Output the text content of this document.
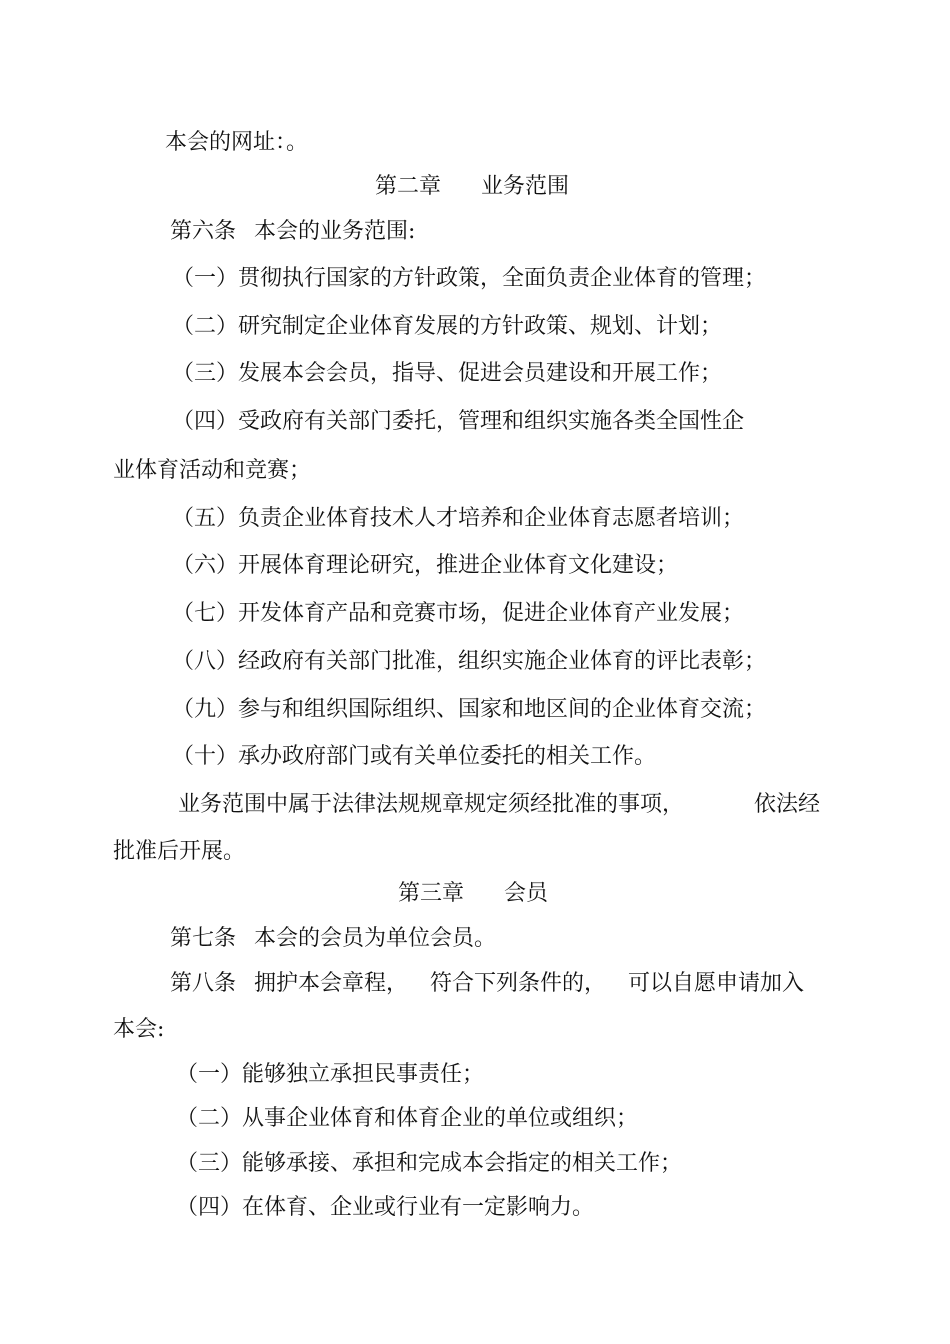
本会的网址：。
第二章 业务范围
第六条 本会的业务范围:
（一）贯彻执行国家的方针政策，全面负责企业体育的管理；
（二）研究制定企业体育发展的方针政策、规划、计划；
（三）发展本会会员，指导、促进会员建设和开展工作；
（四）受政府有关部门委托，管理和组织实施各类全国性企
业体育活动和竞赛；
（五）负责企业体育技术人才培养和企业体育志愿者培训；
（六）开展体育理论研究，推进企业体育文化建设；
（七）开发体育产品和竞赛市场，促进企业体育产业发展；
（八）经政府有关部门批准，组织实施企业体育的评比表彰；
（九）参与和组织国际组织、国家和地区间的企业体育交流；
（十）承办政府部门或有关单位委托的相关工作。
业务范围中属于法律法规规章规定须经批准的事项，	依法经
批准后开展。
第三章 会员
第七条 本会的会员为单位会员。
第八条 拥护本会章程， 符合下列条件的， 可以自愿申请加入
本会:
（一）能够独立承担民事责任；
（二）从事企业体育和体育企业的单位或组织；
（三）能够承接、承担和完成本会指定的相关工作；
（四）在体育、企业或行业有一定影响力。
